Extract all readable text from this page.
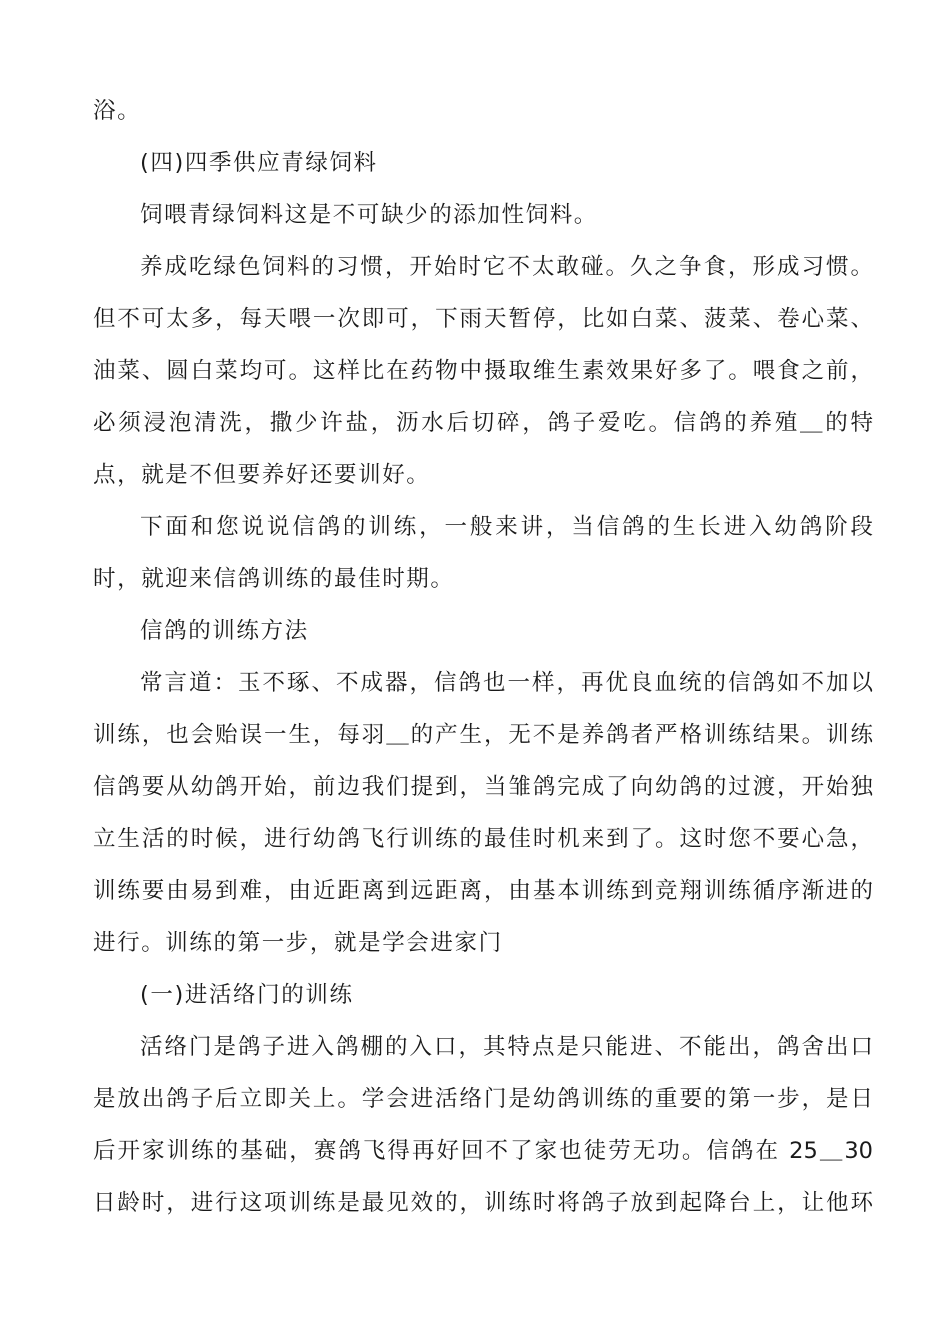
浴。
(四)四季供应青绿饲料
饲喂青绿饲料这是不可缺少的添加性饲料。
养成吃绿色饲料的习惯，开始时它不太敢碰。久之争食，形成习惯。
但不可太多，每天喂一次即可，下雨天暂停，比如白菜、菠菜、卷心菜、
油菜、圆白菜均可。这样比在药物中摄取维生素效果好多了。喂食之前，
必须浸泡清洗，撒少许盐，沥水后切碎，鸽子爱吃。信鸽的养殖＿的特
点，就是不但要养好还要训好。
下面和您说说信鸽的训练，一般来讲，当信鸽的生长进入幼鸽阶段
时，就迎来信鸽训练的最佳时期。
信鸽的训练方法
常言道：玉不琢、不成器，信鸽也一样，再优良血统的信鸽如不加以
训练，也会贻误一生，每羽＿的产生，无不是养鸽者严格训练结果。训练
信鸽要从幼鸽开始，前边我们提到，当雏鸽完成了向幼鸽的过渡，开始独
立生活的时候，进行幼鸽飞行训练的最佳时机来到了。这时您不要心急，
训练要由易到难，由近距离到远距离，由基本训练到竞翔训练循序渐进的
进行。训练的第一步，就是学会进家门
(一)进活络门的训练
活络门是鸽子进入鸽棚的入口，其特点是只能进、不能出，鸽舍出口
是放出鸽子后立即关上。学会进活络门是幼鸽训练的重要的第一步，是日
后开家训练的基础，赛鸽飞得再好回不了家也徒劳无功。信鸽在 25＿30
日龄时，进行这项训练是最见效的，训练时将鸽子放到起降台上，让他环
